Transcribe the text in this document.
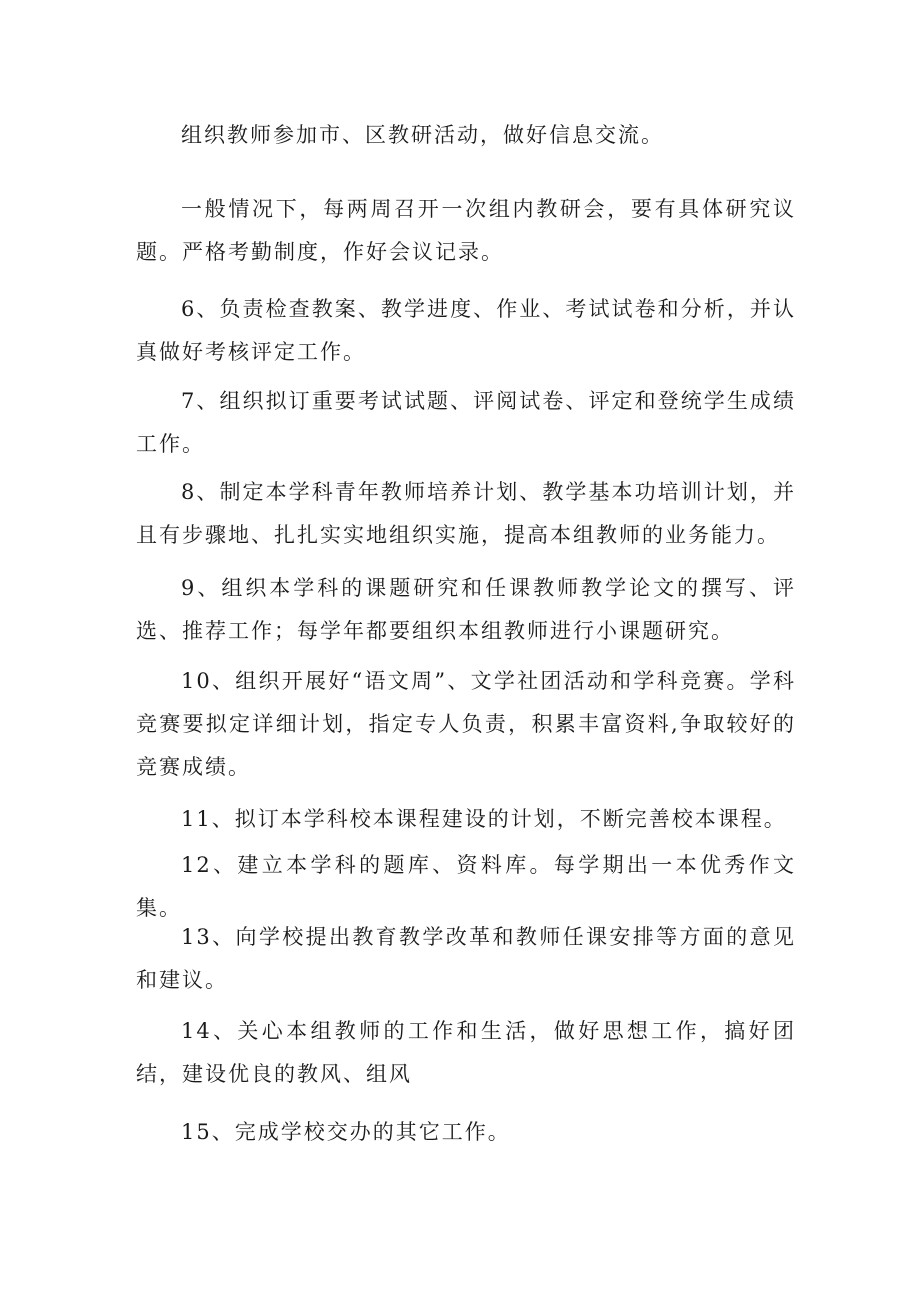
组织教师参加市、区教研活动，做好信息交流。

一般情况下，每两周召开一次组内教研会，要有具体研究议题。严格考勤制度，作好会议记录。

6、负责检查教案、教学进度、作业、考试试卷和分析，并认真做好考核评定工作。

7、组织拟订重要考试试题、评阅试卷、评定和登统学生成绩工作。

8、制定本学科青年教师培养计划、教学基本功培训计划，并且有步骤地、扎扎实实地组织实施，提高本组教师的业务能力。

9、组织本学科的课题研究和任课教师教学论文的撰写、评选、推荐工作；每学年都要组织本组教师进行小课题研究。

10、组织开展好“语文周”、文学社团活动和学科竞赛。学科竞赛要拟定详细计划，指定专人负责，积累丰富资料,争取较好的竞赛成绩。

11、拟订本学科校本课程建设的计划，不断完善校本课程。

12、建立本学科的题库、资料库。每学期出一本优秀作文集。

13、向学校提出教育教学改革和教师任课安排等方面的意见和建议。

14、关心本组教师的工作和生活，做好思想工作，搞好团结，建设优良的教风、组风

15、完成学校交办的其它工作。
